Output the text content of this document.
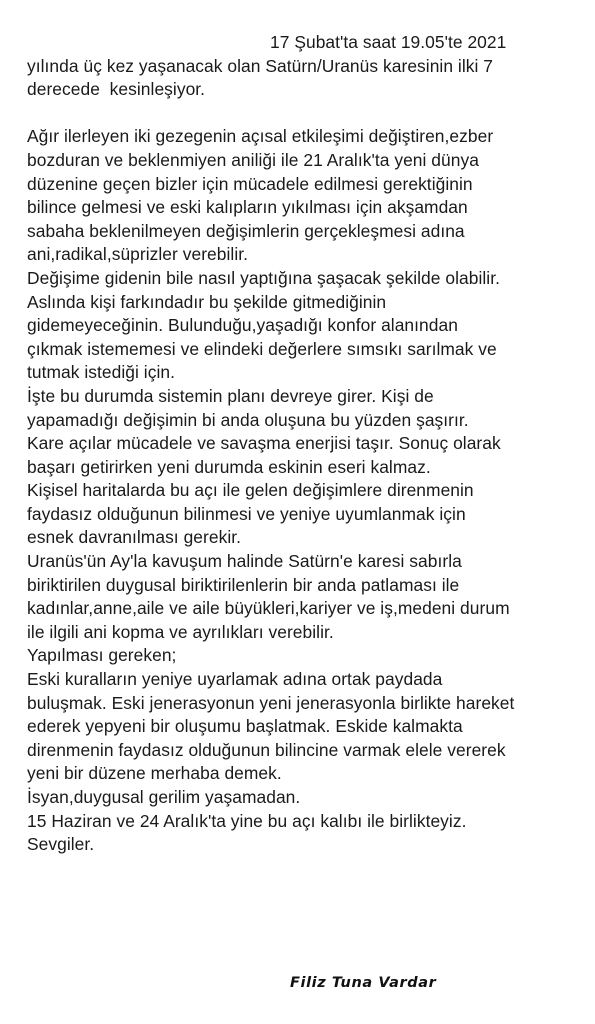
17 Şubat'ta saat 19.05'te 2021
yılında üç kez yaşanacak olan Satürn/Uranüs karesinin ilki 7
derecede  kesinleşiyor.
Ağır ilerleyen iki gezegenin açısal etkileşimi değiştiren,ezber
bozduran ve beklenmiyen aniliği ile 21 Aralık'ta yeni dünya
düzenine geçen bizler için mücadele edilmesi gerektiğinin
bilince gelmesi ve eski kalıpların yıkılması için akşamdan
sabaha beklenilmeyen değişimlerin gerçekleşmesi adına
ani,radikal,süprizler verebilir.
Değişime gidenin bile nasıl yaptığına şaşacak şekilde olabilir.
Aslında kişi farkındadır bu şekilde gitmediğinin
gidemeyeceğinin. Bulunduğu,yaşadığı konfor alanından
çıkmak istememesi ve elindeki değerlere sımsıkı sarılmak ve
tutmak istediği için.
İşte bu durumda sistemin planı devreye girer. Kişi de
yapamadığı değişimin bi anda oluşuna bu yüzden şaşırır.
Kare açılar mücadele ve savaşma enerjisi taşır. Sonuç olarak
başarı getirirken yeni durumda eskinin eseri kalmaz.
Kişisel haritalarda bu açı ile gelen değişimlere direnmenin
faydasız olduğunun bilinmesi ve yeniye uyumlanmak için
esnek davranılması gerekir.
Uranüs'ün Ay'la kavuşum halinde Satürn'e karesi sabırla
biriktirilen duygusal biriktirilenlerin bir anda patlaması ile
kadınlar,anne,aile ve aile büyükleri,kariyer ve iş,medeni durum
ile ilgili ani kopma ve ayrılıkları verebilir.
Yapılması gereken;
Eski kuralların yeniye uyarlamak adına ortak paydada
buluşmak. Eski jenerasyonun yeni jenerasyonla birlikte hareket
ederek yepyeni bir oluşumu başlatmak. Eskide kalmakta
direnmenin faydasız olduğunun bilincine varmak elele vererek
yeni bir düzene merhaba demek.
İsyan,duygusal gerilim yaşamadan.
15 Haziran ve 24 Aralık'ta yine bu açı kalıbı ile birlikteyiz.
Sevgiler.
Filiz Tuna Vardar
